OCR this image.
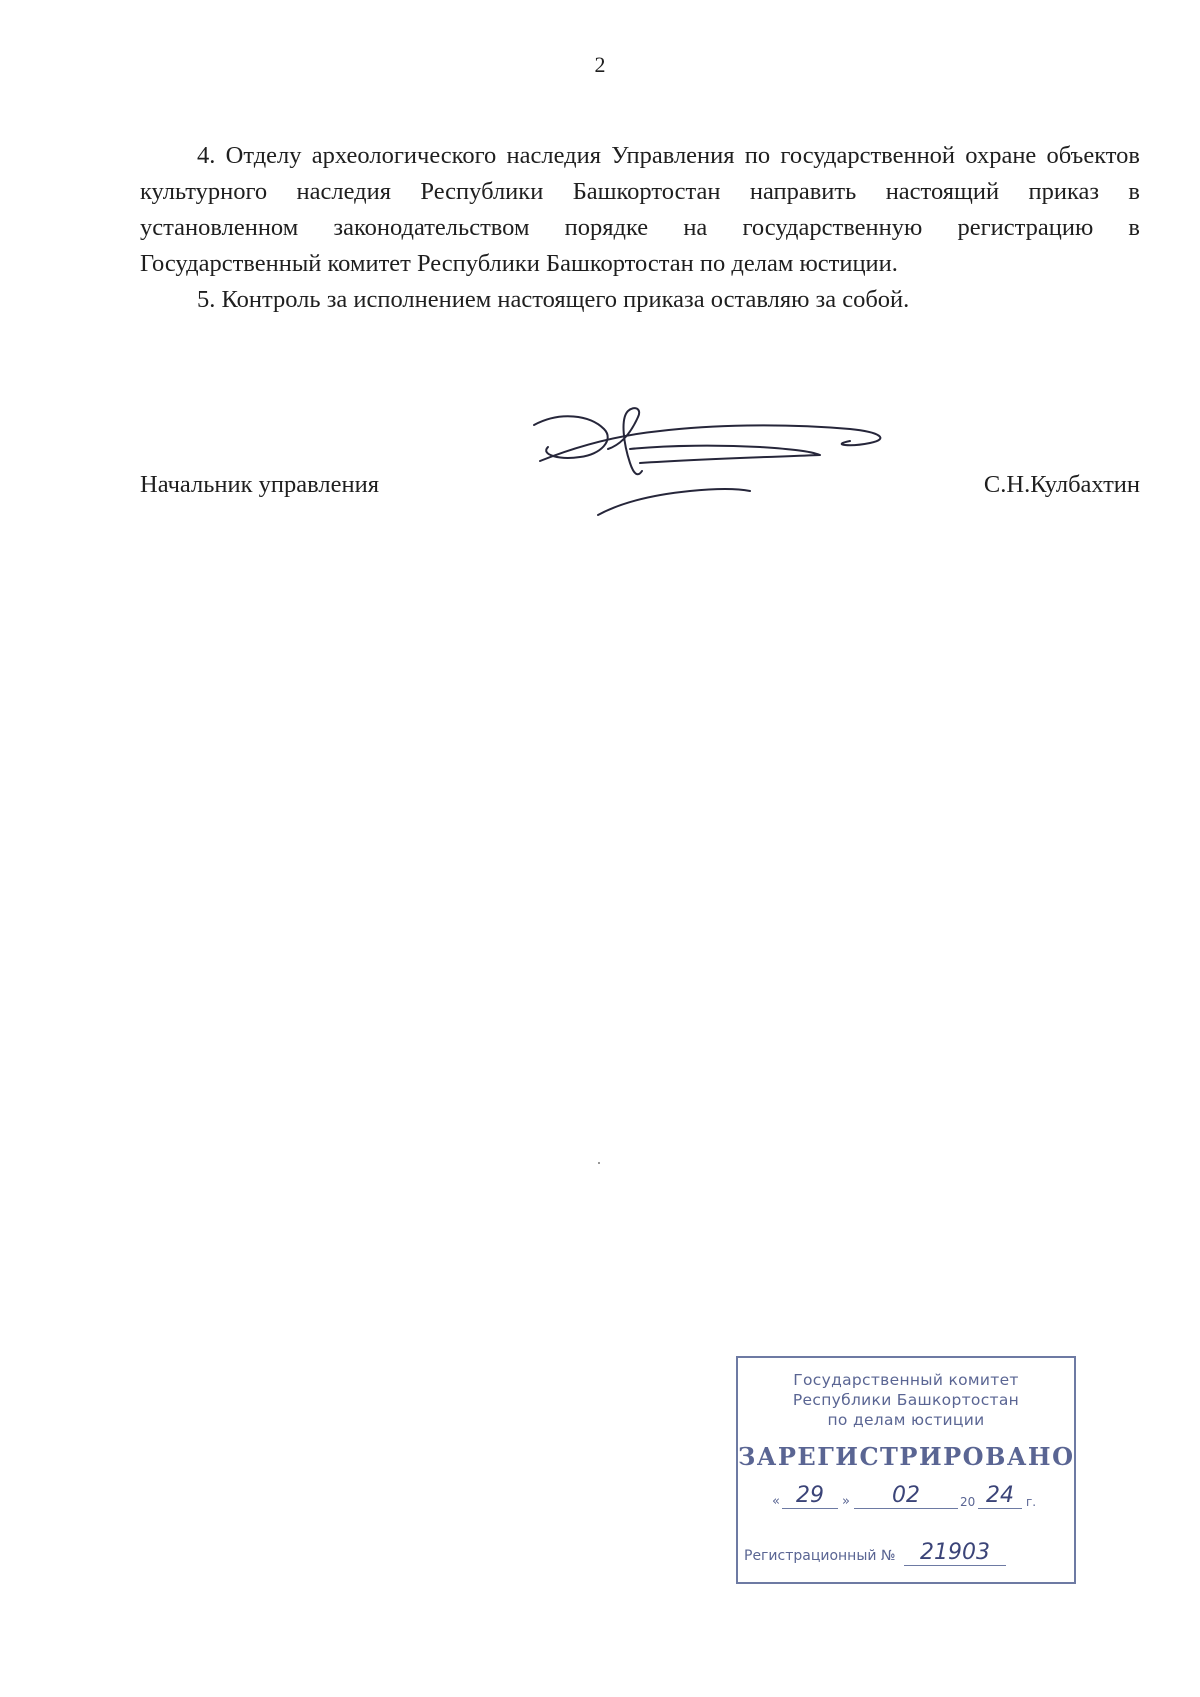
2

4. Отделу археологического наследия Управления по государственной охране объектов культурного наследия Республики Башкортостан направить настоящий приказ в установленном законодательством порядке на государственную регистрацию в Государственный комитет Республики Башкортостан по делам юстиции.

5. Контроль за исполнением настоящего приказа оставляю за собой.

Начальник управления	С.Н.Кулбахтин
Государственный комитет
Республики Башкортостан
по делам юстиции
ЗАРЕГИСТРИРОВАНО
« 29	»	02	20 24	г.
Регистрационный №	21903
